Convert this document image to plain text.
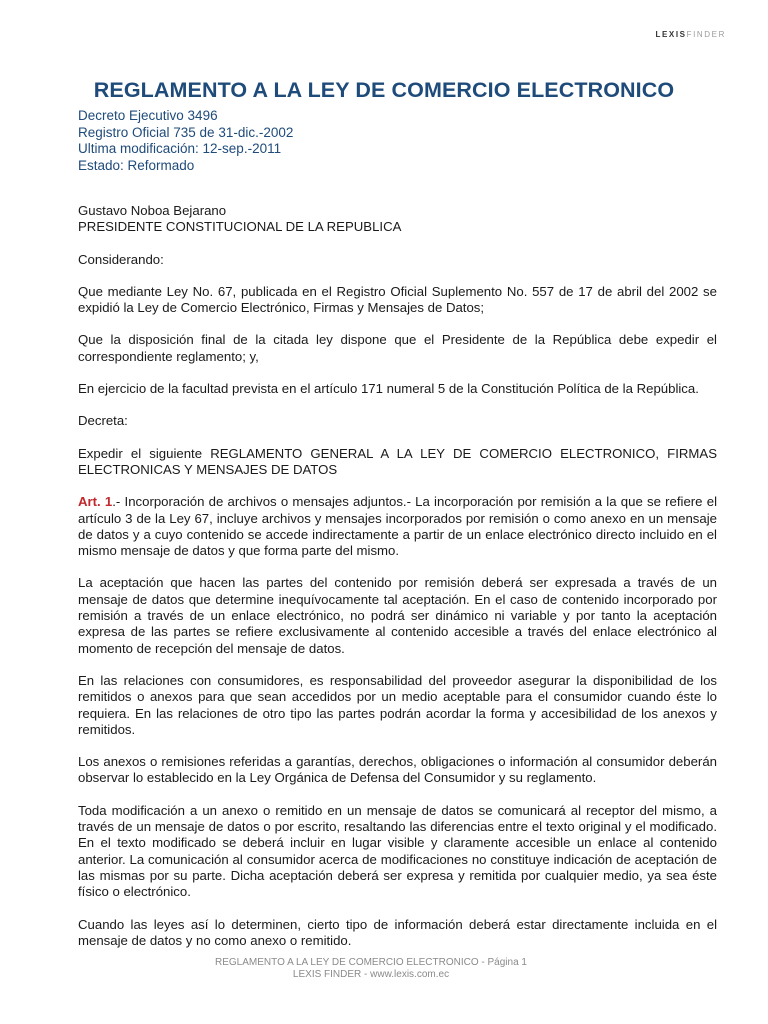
LEXISFINDER
REGLAMENTO A LA LEY DE COMERCIO ELECTRONICO
Decreto Ejecutivo 3496
Registro Oficial 735 de 31-dic.-2002
Ultima modificación: 12-sep.-2011
Estado: Reformado

Gustavo Noboa Bejarano

PRESIDENTE CONSTITUCIONAL DE LA REPUBLICA

Considerando:

Que mediante Ley No. 67, publicada en el Registro Oficial Suplemento No. 557 de 17 de abril del 2002 se expidió la Ley de Comercio Electrónico, Firmas y Mensajes de Datos;

Que la disposición final de la citada ley dispone que el Presidente de la República debe expedir el correspondiente reglamento; y,

En ejercicio de la facultad prevista en el artículo 171 numeral 5 de la Constitución Política de la República.

Decreta:

Expedir el siguiente REGLAMENTO GENERAL A LA LEY DE COMERCIO ELECTRONICO, FIRMAS ELECTRONICAS Y MENSAJES DE DATOS

Art. 1.- Incorporación de archivos o mensajes adjuntos.- La incorporación por remisión a la que se refiere el artículo 3 de la Ley 67, incluye archivos y mensajes incorporados por remisión o como anexo en un mensaje de datos y a cuyo contenido se accede indirectamente a partir de un enlace electrónico directo incluido en el mismo mensaje de datos y que forma parte del mismo.

La aceptación que hacen las partes del contenido por remisión deberá ser expresada a través de un mensaje de datos que determine inequívocamente tal aceptación. En el caso de contenido incorporado por remisión a través de un enlace electrónico, no podrá ser dinámico ni variable y por tanto la aceptación expresa de las partes se refiere exclusivamente al contenido accesible a través del enlace electrónico al momento de recepción del mensaje de datos.

En las relaciones con consumidores, es responsabilidad del proveedor asegurar la disponibilidad de los remitidos o anexos para que sean accedidos por un medio aceptable para el consumidor cuando éste lo requiera. En las relaciones de otro tipo las partes podrán acordar la forma y accesibilidad de los anexos y remitidos.

Los anexos o remisiones referidas a garantías, derechos, obligaciones o información al consumidor deberán observar lo establecido en la Ley Orgánica de Defensa del Consumidor y su reglamento.

Toda modificación a un anexo o remitido en un mensaje de datos se comunicará al receptor del mismo, a través de un mensaje de datos o por escrito, resaltando las diferencias entre el texto original y el modificado. En el texto modificado se deberá incluir en lugar visible y claramente accesible un enlace al contenido anterior. La comunicación al consumidor acerca de modificaciones no constituye indicación de aceptación de las mismas por su parte. Dicha aceptación deberá ser expresa y remitida por cualquier medio, ya sea éste físico o electrónico.

Cuando las leyes así lo determinen, cierto tipo de información deberá estar directamente incluida en el mensaje de datos y no como anexo o remitido.

REGLAMENTO A LA LEY DE COMERCIO ELECTRONICO - Página 1
LEXIS FINDER - www.lexis.com.ec
